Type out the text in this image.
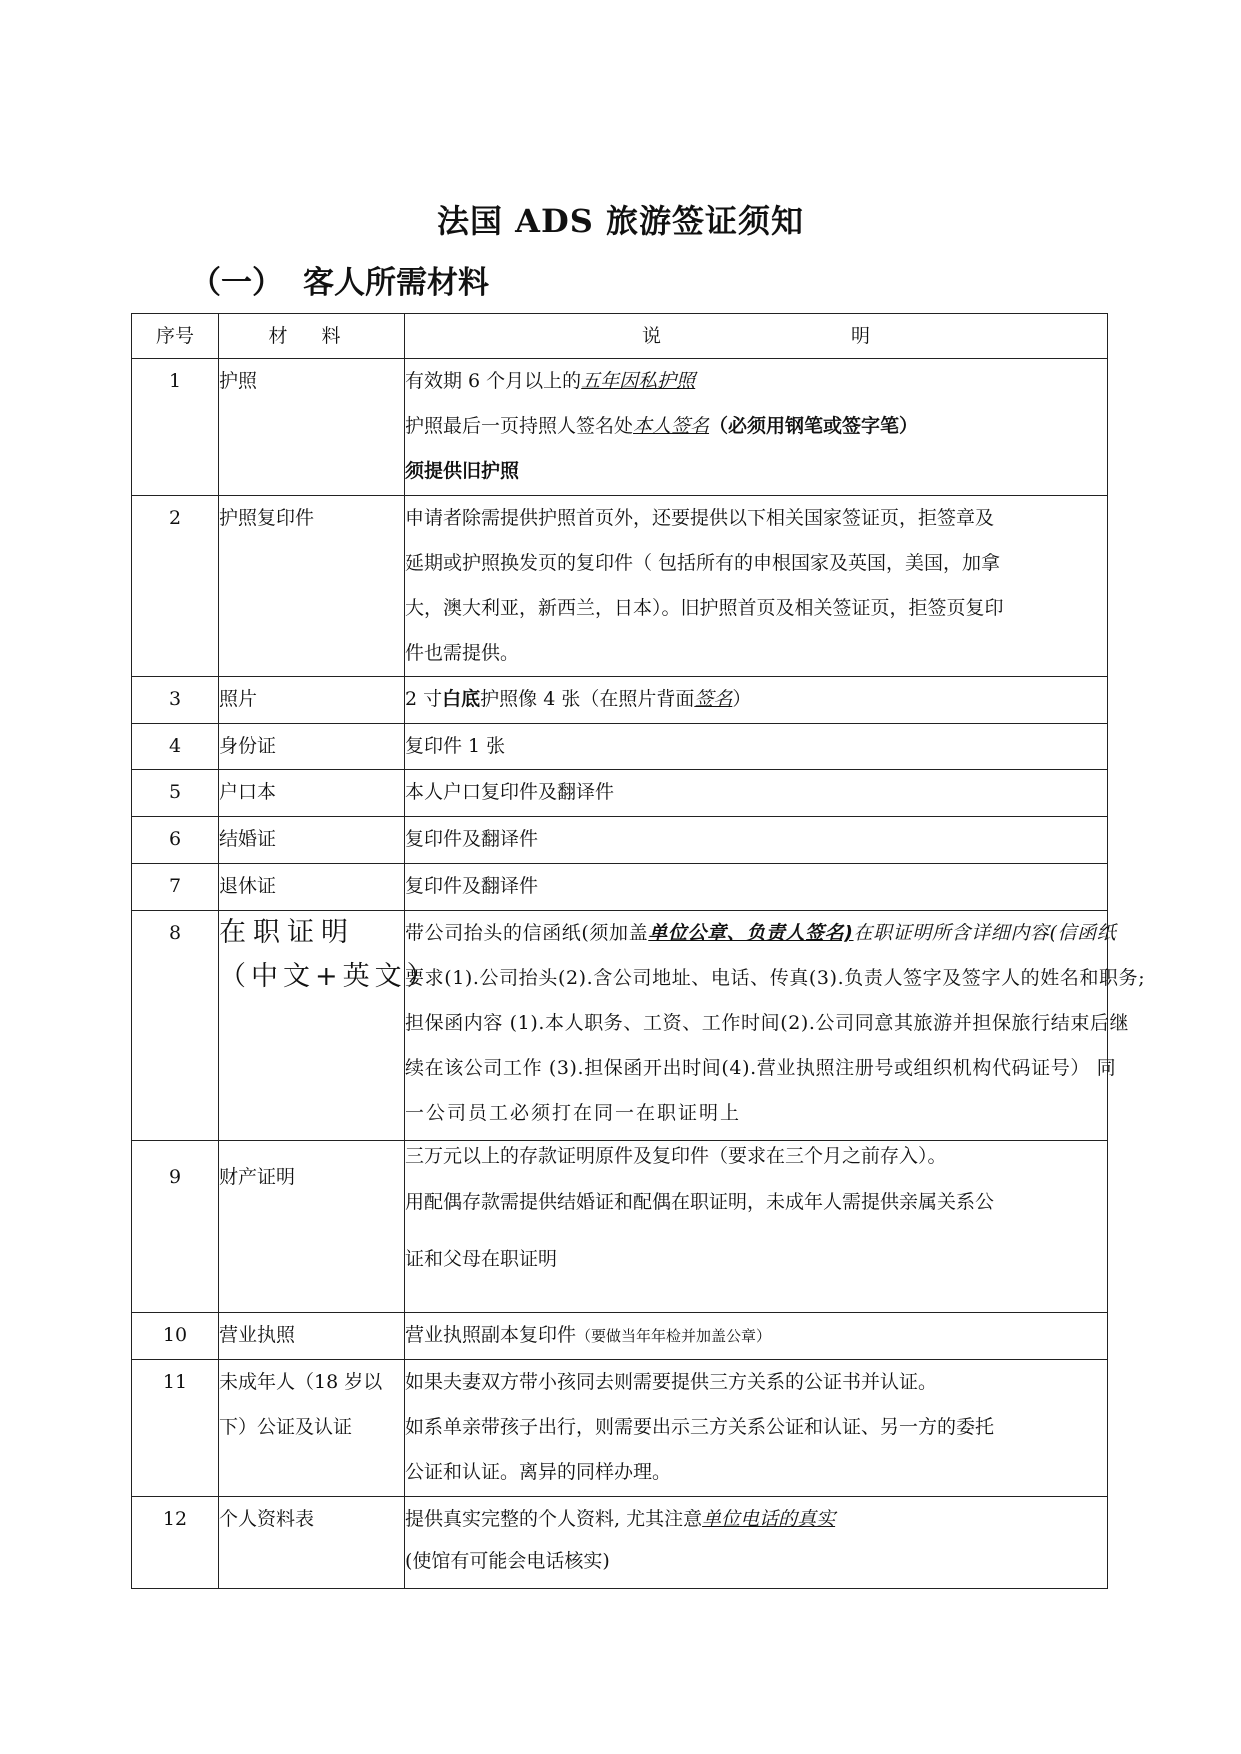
法国 ADS 旅游签证须知
（一） 客人所需材料
序号	材 料	说 明
1	护照	有效期 6 个月以上的五年因私护照
护照最后一页持照人签名处本人签名（必须用钢笔或签字笔）
须提供旧护照

2	护照复印件	申请者除需提供护照首页外，还要提供以下相关国家签证页，拒签章及
延期或护照换发页的复印件（ 包括所有的申根国家及英国，美国，加拿
大，澳大利亚，新西兰，日本）。旧护照首页及相关签证页，拒签页复印
件也需提供。

3	照片	2 寸白底护照像 4 张（在照片背面签名）

4	身份证	复印件 1 张

5	户口本	本人户口复印件及翻译件

6	结婚证	复印件及翻译件

7	退休证	复印件及翻译件

8	在职证明
（中文+英文）	带公司抬头的信函纸(须加盖单位公章、负责人签名)在职证明所含详细内容(信函纸
要求(1).公司抬头(2).含公司地址、电话、传真(3).负责人签字及签字人的姓名和职务;
担保函内容 (1).本人职务、工资、工作时间(2).公司同意其旅游并担保旅行结束后继
续在该公司工作 (3).担保函开出时间(4).营业执照注册号或组织机构代码证号） 同
一公司员工必须打在同一在职证明上

9	财产证明	三万元以上的存款证明原件及复印件（要求在三个月之前存入）。
用配偶存款需提供结婚证和配偶在职证明，未成年人需提供亲属关系公
证和父母在职证明

10	营业执照	营业执照副本复印件（要做当年年检并加盖公章）

11	未成年人（18 岁以下）公证及认证	如果夫妻双方带小孩同去则需要提供三方关系的公证书并认证。
如系单亲带孩子出行，则需要出示三方关系公证和认证、另一方的委托
公证和认证。离异的同样办理。

12	个人资料表	提供真实完整的个人资料, 尤其注意单位电话的真实
(使馆有可能会电话核实)
